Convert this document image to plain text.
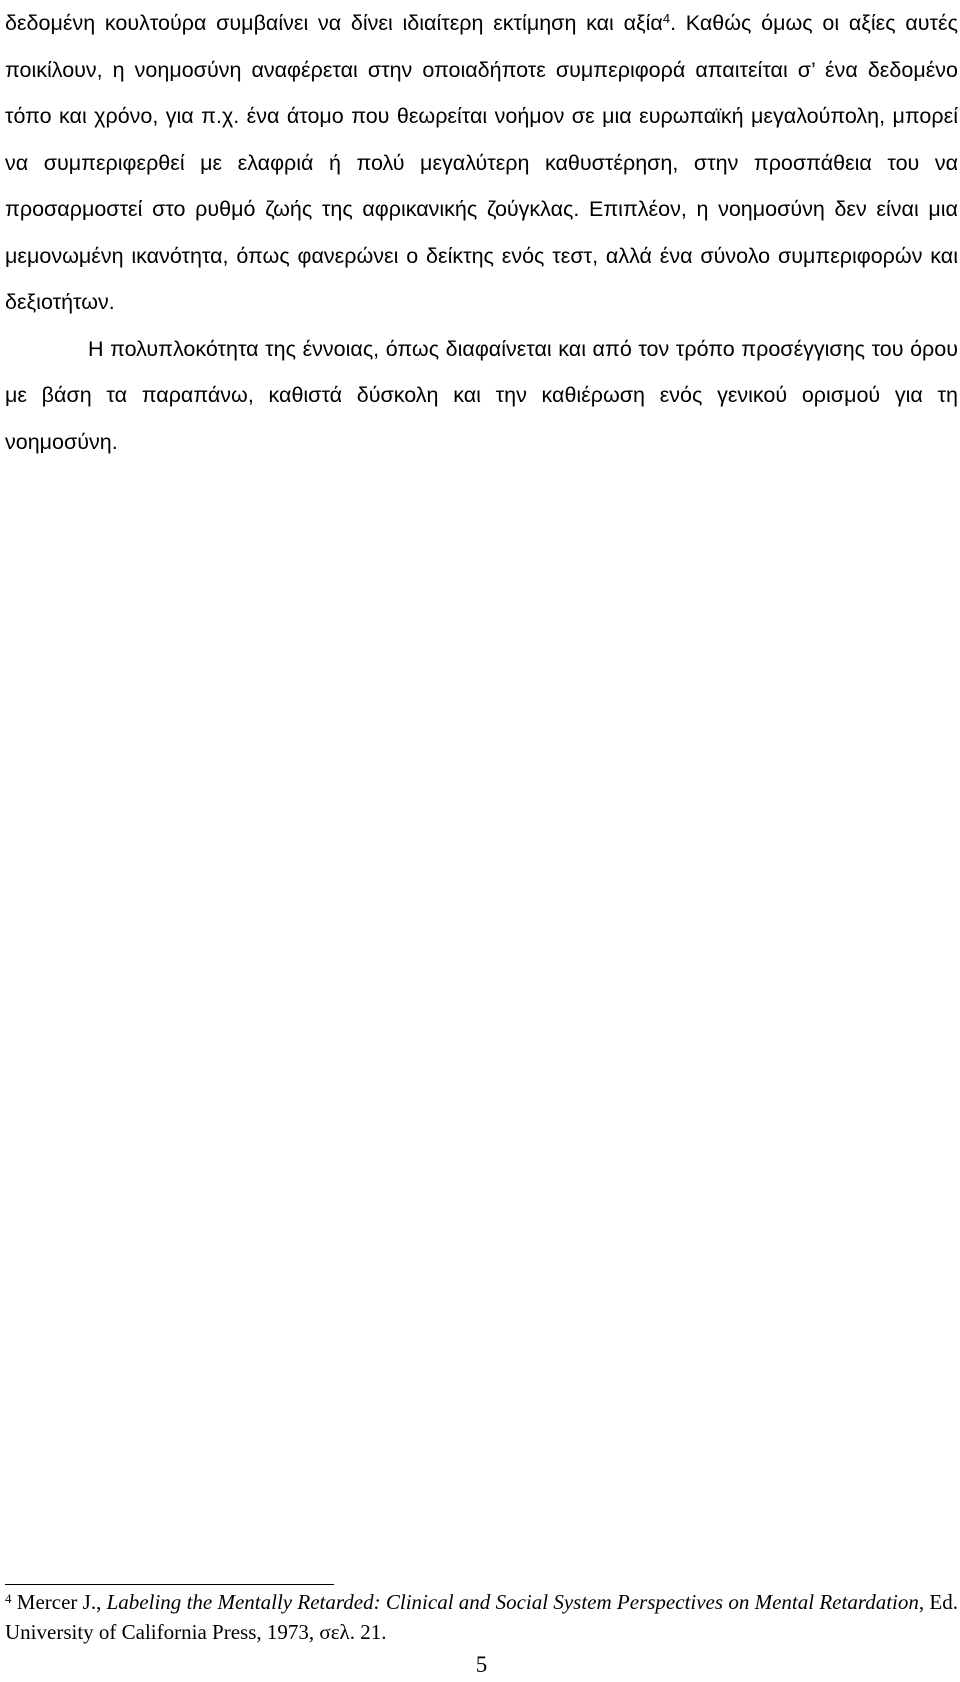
δεδομένη κουλτούρα συμβαίνει να δίνει ιδιαίτερη εκτίμηση και αξία$^4$. Καθώς όμως οι αξίες αυτές ποικίλουν, η νοημοσύνη αναφέρεται στην οποιαδήποτε συμπεριφορά απαιτείται σ’ ένα δεδομένο τόπο και χρόνο, για π.χ. ένα άτομο που θεωρείται νοήμον σε μια ευρωπαϊκή μεγαλούπολη, μπορεί να συμπεριφερθεί με ελαφριά ή πολύ μεγαλύτερη καθυστέρηση, στην προσπάθεια του να προσαρμοστεί στο ρυθμό ζωής της αφρικανικής ζούγκλας. Επιπλέον, η νοημοσύνη δεν είναι μια μεμονωμένη ικανότητα, όπως φανερώνει ο δείκτης ενός τεστ, αλλά ένα σύνολο συμπεριφορών και δεξιοτήτων.

Η πολυπλοκότητα της έννοιας, όπως διαφαίνεται και από τον τρόπο προσέγγισης του όρου με βάση τα παραπάνω, καθιστά δύσκολη και την καθιέρωση ενός γενικού ορισμού για τη νοημοσύνη.

$^4$ Mercer J., Labeling the Mentally Retarded: Clinical and Social System Perspectives on Mental Retardation, Ed. University of California Press, 1973, σελ. 21.

5
